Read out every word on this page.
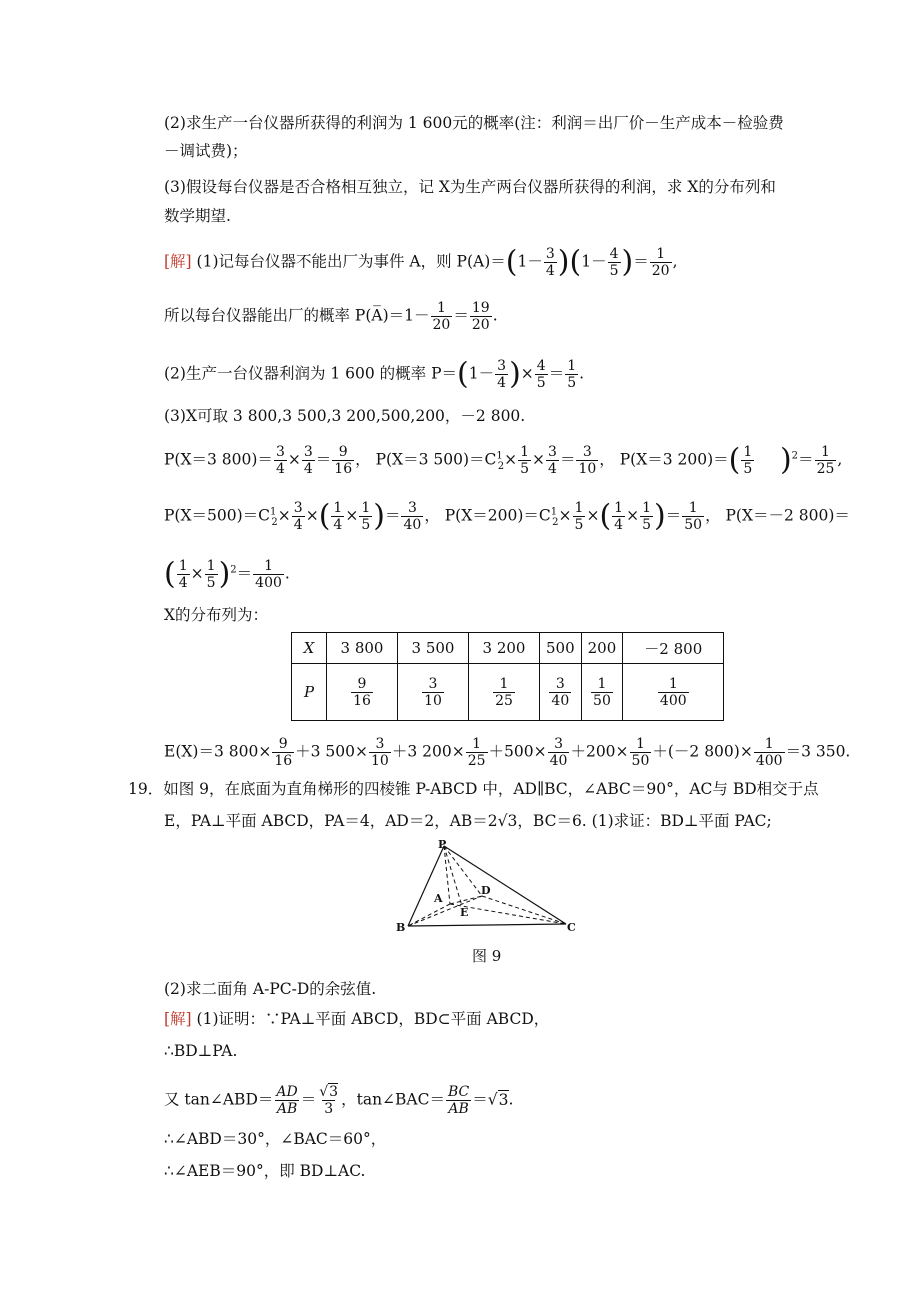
(2)求生产一台仪器所获得的利润为 1 600元的概率(注：利润＝出厂价－生产成本－检验费
－调试费)；
(3)假设每台仪器是否合格相互独立，记 X为生产两台仪器所获得的利润，求 X的分布列和
数学期望.
[解] (1)记每台仪器不能出厂为事件 A，则 $P(A)=(1- \frac{3}{4} )(1- \frac{4}{5}$ )＝ $\frac{1}{20}$ ,
所以每台仪器能出厂的概率 P(A̅)＝1－ $\frac{1}{20} = \frac{19}{20}$ .
(2)生产一台仪器利润为 1 600 的概率 $P=(1- \frac{3}{4}$ )× $\frac{4}{5} = \frac{1}{5}$ .
(3)X可取 3 800,3 500,3 200,500,200，－2 800.
P(X＝3 $800)= \frac{3}{4} \times \frac{3}{4} = \frac{9}{16}$ ， P(X＝3 $500)=C^1_2\times \frac{1}{5} \times \frac{3}{4} = \frac{3}{10}$ ， P(X＝3 $200)=( \frac{1}{5} )^2= \frac{1}{25}$ ,
$P(X=500)=C^1_2\times \frac{3}{4}$ ×( $\frac{1}{4} \times \frac{1}{5}$ )＝ $\frac{3}{40}$ ， $P(X=200)=C^1_2\times \frac{1}{5}$ ×( $\frac{1}{4} \times \frac{1}{5}$ )＝ $\frac{1}{50}$ ， P(X＝－2 800)＝
( $\frac{1}{4} \times \frac{1}{5} )^2= \frac{1}{400}$ .
X的分布列为：
X	3 800	3 500	3 200	500	200	－2 800
P	$\frac{9}{16}$	$\frac{3}{10}$	$\frac{1}{25}$	$\frac{3}{40}$	$\frac{1}{50}$	$\frac{1}{400}$
E(X)＝3 $800\times \frac{9}{16} +3$ $500\times \frac{3}{10} +3$ $200\times \frac{1}{25} +500\times \frac{3}{40} +200\times \frac{1}{50} +(-2$ $800)\times \frac{1}{400} =3$ 350.
19．如图 9，在底面为直角梯形的四棱锥 P-ABCD 中，AD∥BC，∠ABC＝90°，AC与 BD相交于点
E，PA⊥平面 ABCD，PA＝4，AD＝2，AB＝2√3，BC＝6. (1)求证：BD⊥平面 PAC;
P
A
D
E
B	C
图 9
(2)求二面角 A-PC-D的余弦值.
[解] (1)证明：∵PA⊥平面 ABCD，BD⊂平面 ABCD，
∴BD⊥PA.
又 tan∠ABD＝ $\frac{AD}{AB} = \frac{√3}{3}$ ，tan∠BAC＝ $\frac{BC}{AB} =√3$.
∴∠ABD＝30°，∠BAC＝60°，
∴∠AEB＝90°，即 BD⊥AC.
